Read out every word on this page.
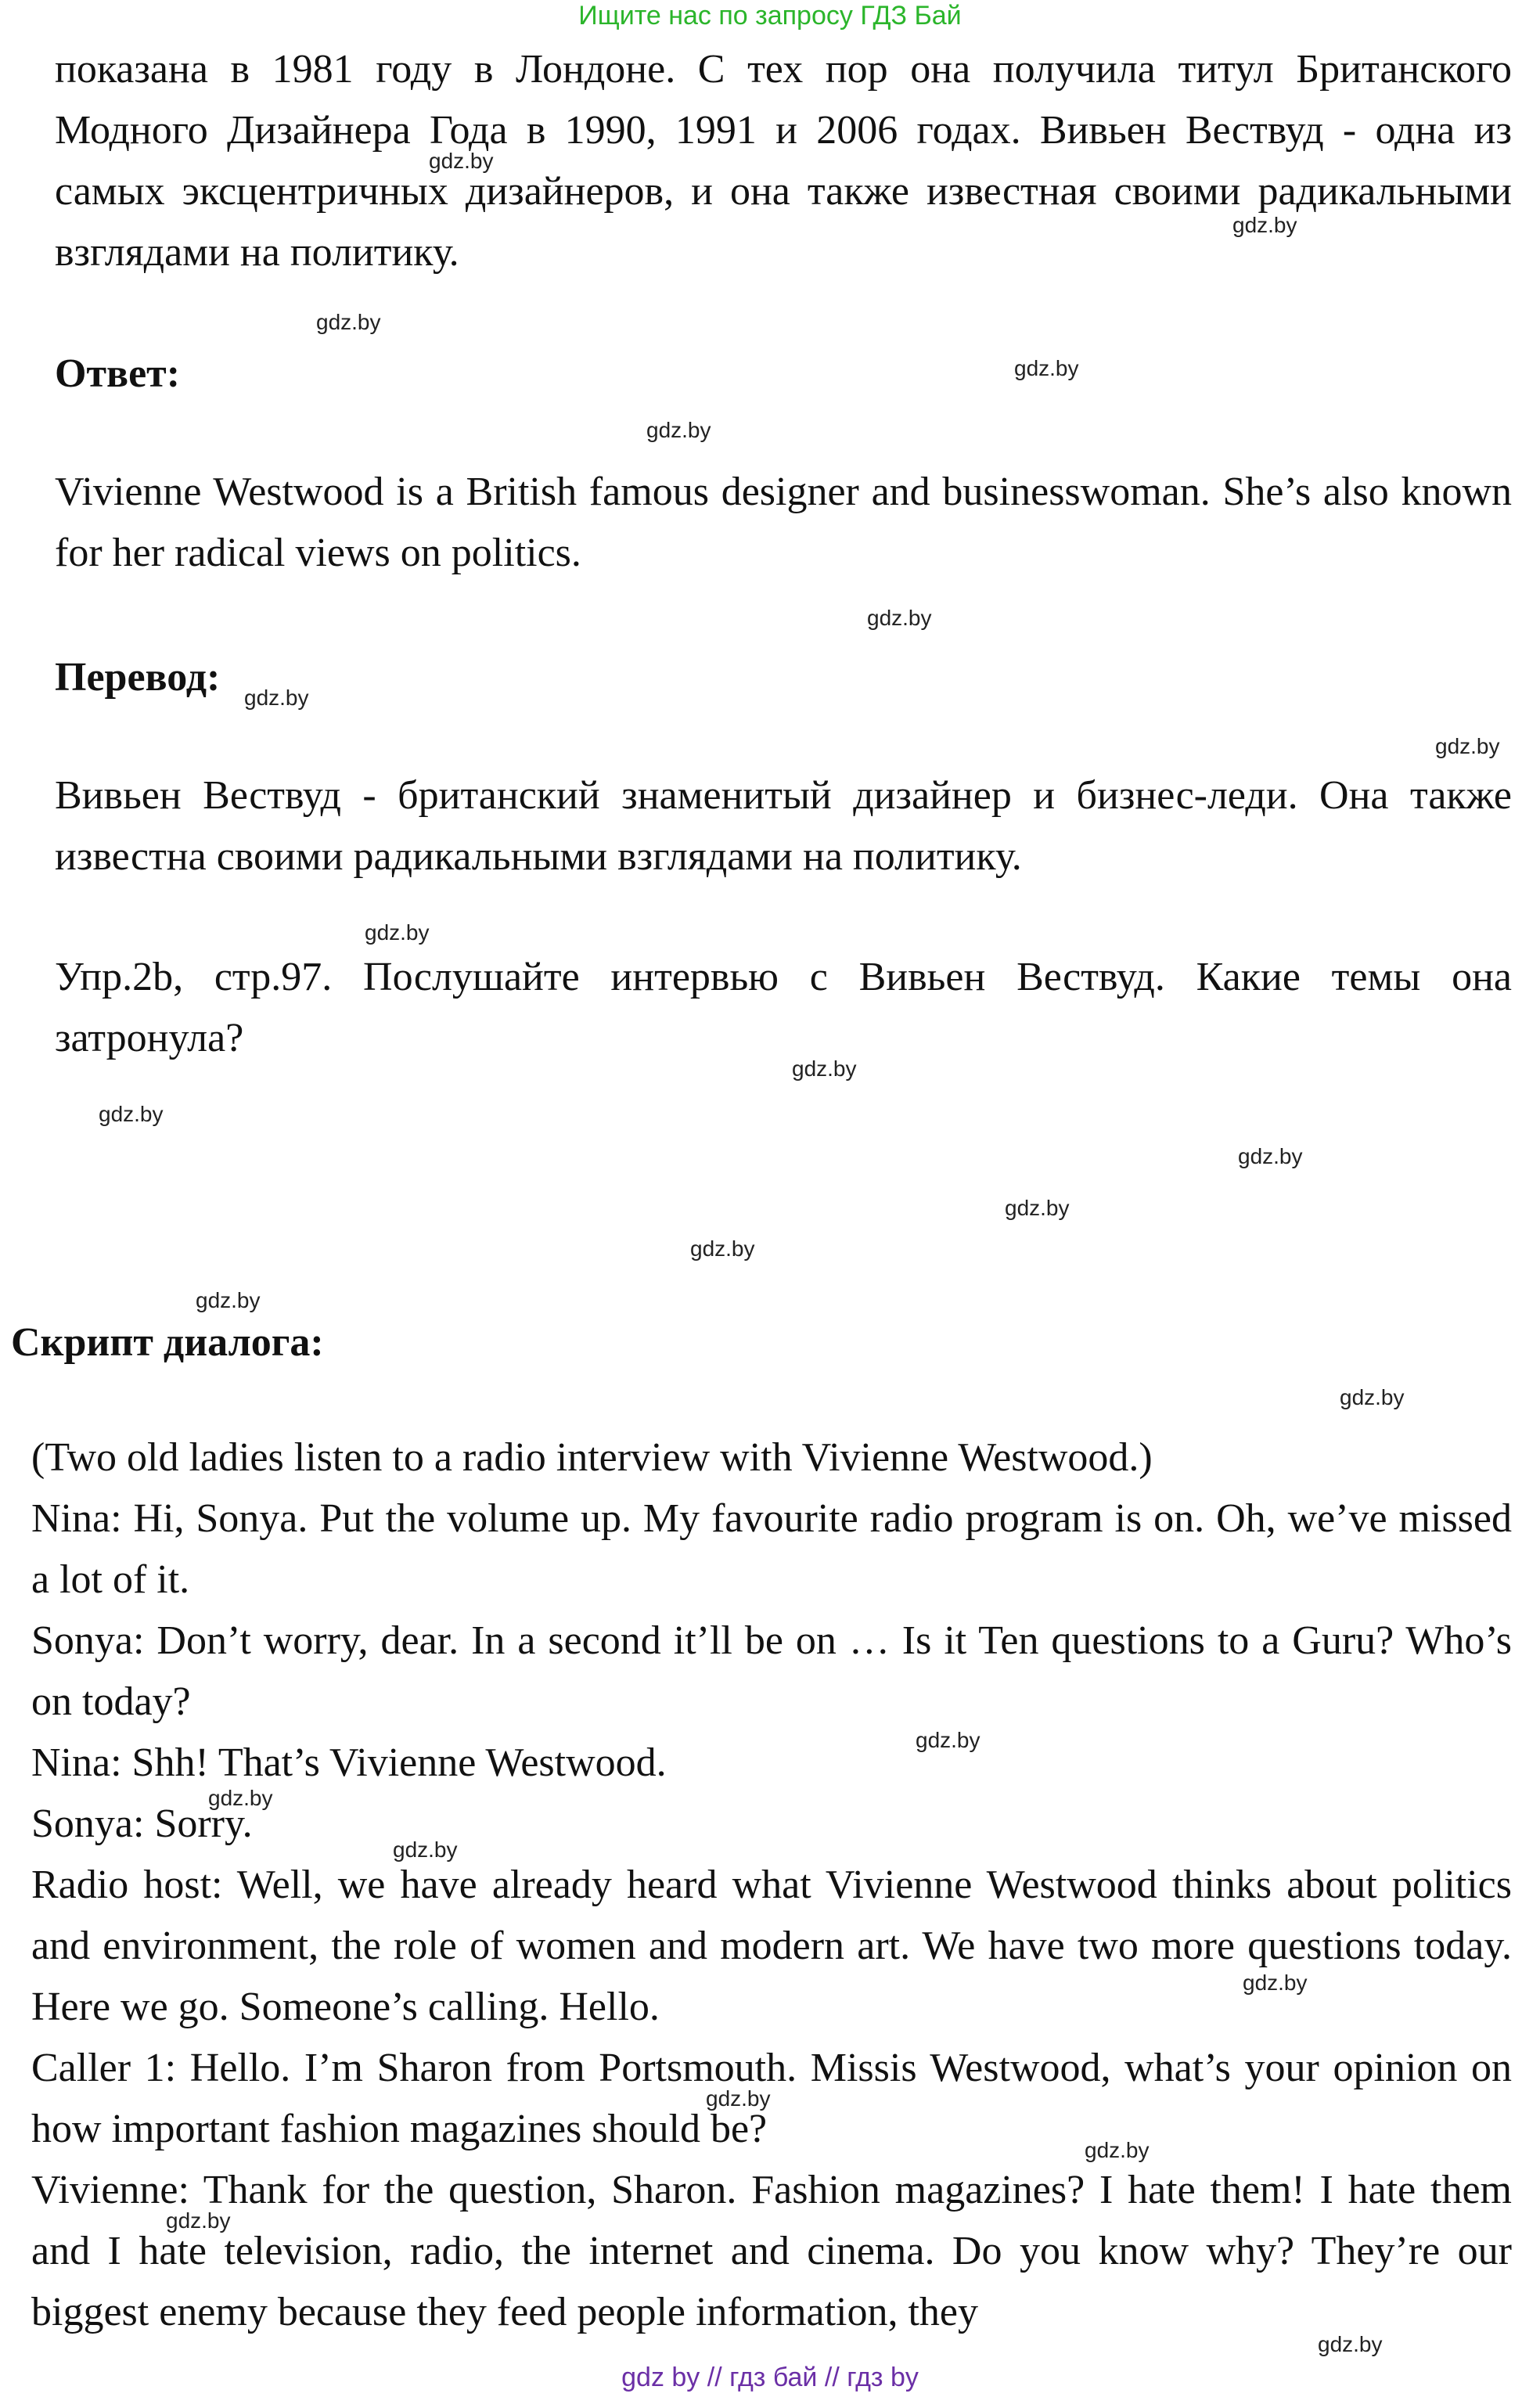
Ищите нас по запросу ГДЗ Бай
показана в 1981 году в Лондоне. С тех пор она получила титул Британского Модного Дизайнера Года в 1990, 1991 и 2006 годах. Вивьен Вествуд - одна из самых эксцентричных дизайнеров, и она также известная своими радикальными взглядами на политику.
Ответ:
Vivienne Westwood is a British famous designer and businesswoman. She’s also known for her radical views on politics.
Перевод:
Вивьен Вествуд - британский знаменитый дизайнер и бизнес-леди. Она также известна своими радикальными взглядами на политику.
Упр.2b, стр.97. Послушайте интервью с Вивьен Вествуд. Какие темы она затронула?
Скрипт диалога:
(Two old ladies listen to a radio interview with Vivienne Westwood.)
Nina: Hi, Sonya. Put the volume up. My favourite radio program is on. Oh, we’ve missed a lot of it.
Sonya: Don’t worry, dear. In a second it’ll be on … Is it Ten questions to a Guru? Who’s on today?
Nina: Shh! That’s Vivienne Westwood.
Sonya: Sorry.
Radio host: Well, we have already heard what Vivienne Westwood thinks about politics and environment, the role of women and modern art. We have two more questions today. Here we go. Someone’s calling. Hello.
Caller 1: Hello. I’m Sharon from Portsmouth. Missis Westwood, what’s your opinion on how important fashion magazines should be?
Vivienne: Thank for the question, Sharon. Fashion magazines? I hate them! I hate them and I hate television, radio, the internet and cinema. Do you know why? They’re our biggest enemy because they feed people information, they
gdz.by
gdz.by
gdz.by
gdz.by
gdz.by
gdz.by
gdz.by
gdz.by
gdz.by
gdz.by
gdz.by
gdz.by
gdz.by
gdz.by
gdz.by
gdz.by
gdz.by
gdz.by
gdz.by
gdz.by
gdz.by
gdz.by
gdz.by
gdz.by
gdz by // гдз бай // гдз by
